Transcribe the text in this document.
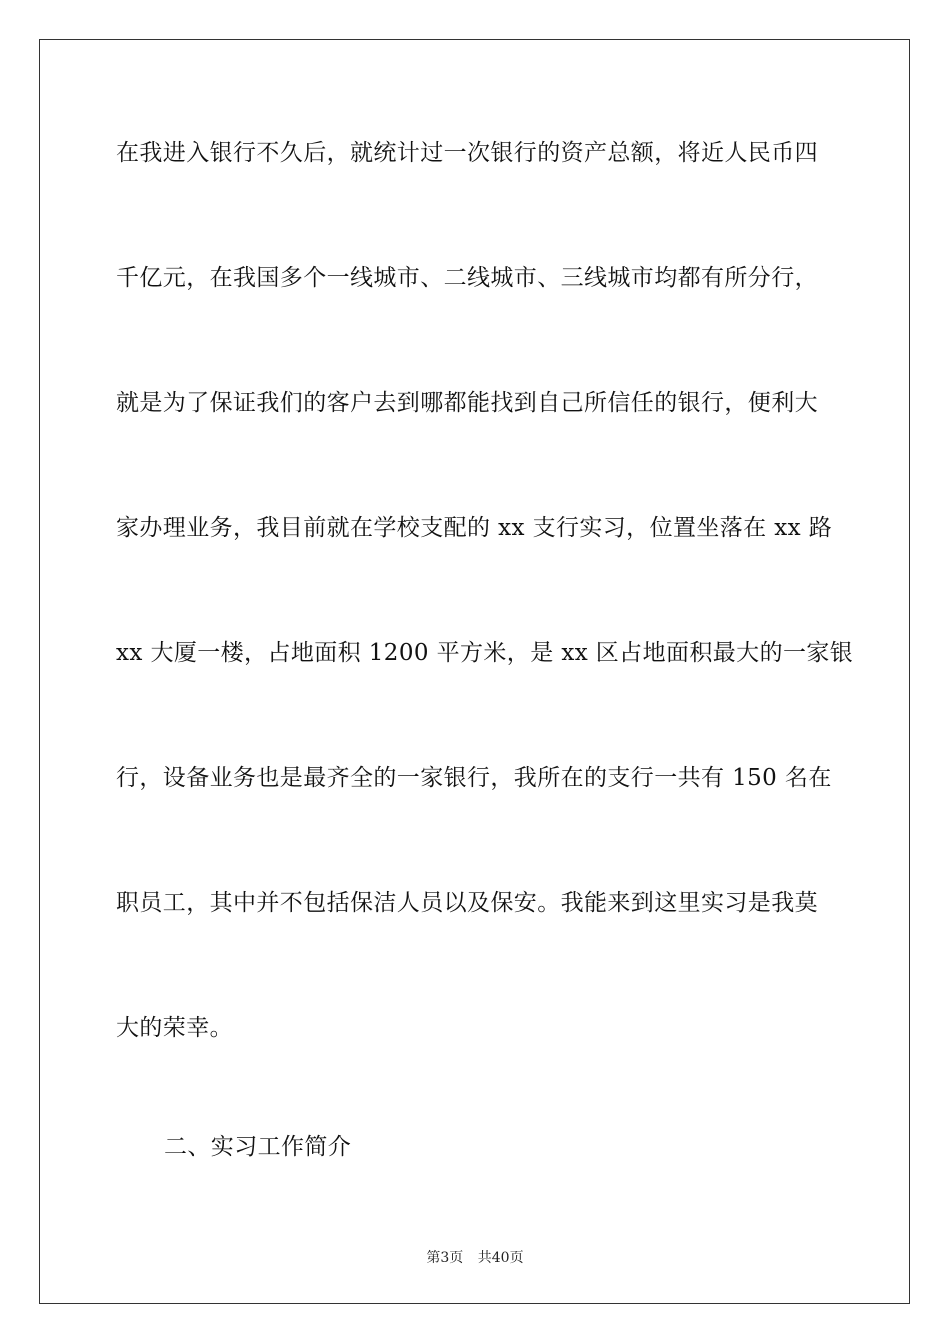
在我进入银行不久后，就统计过一次银行的资产总额，将近人民币四
千亿元，在我国多个一线城市、二线城市、三线城市均都有所分行，
就是为了保证我们的客户去到哪都能找到自己所信任的银行，便利大
家办理业务，我目前就在学校支配的 xx 支行实习，位置坐落在 xx 路
xx 大厦一楼，占地面积 1200 平方米，是 xx 区占地面积最大的一家银
行，设备业务也是最齐全的一家银行，我所在的支行一共有 150 名在
职员工，其中并不包括保洁人员以及保安。我能来到这里实习是我莫
大的荣幸。
二、实习工作简介
第3页 共40页
